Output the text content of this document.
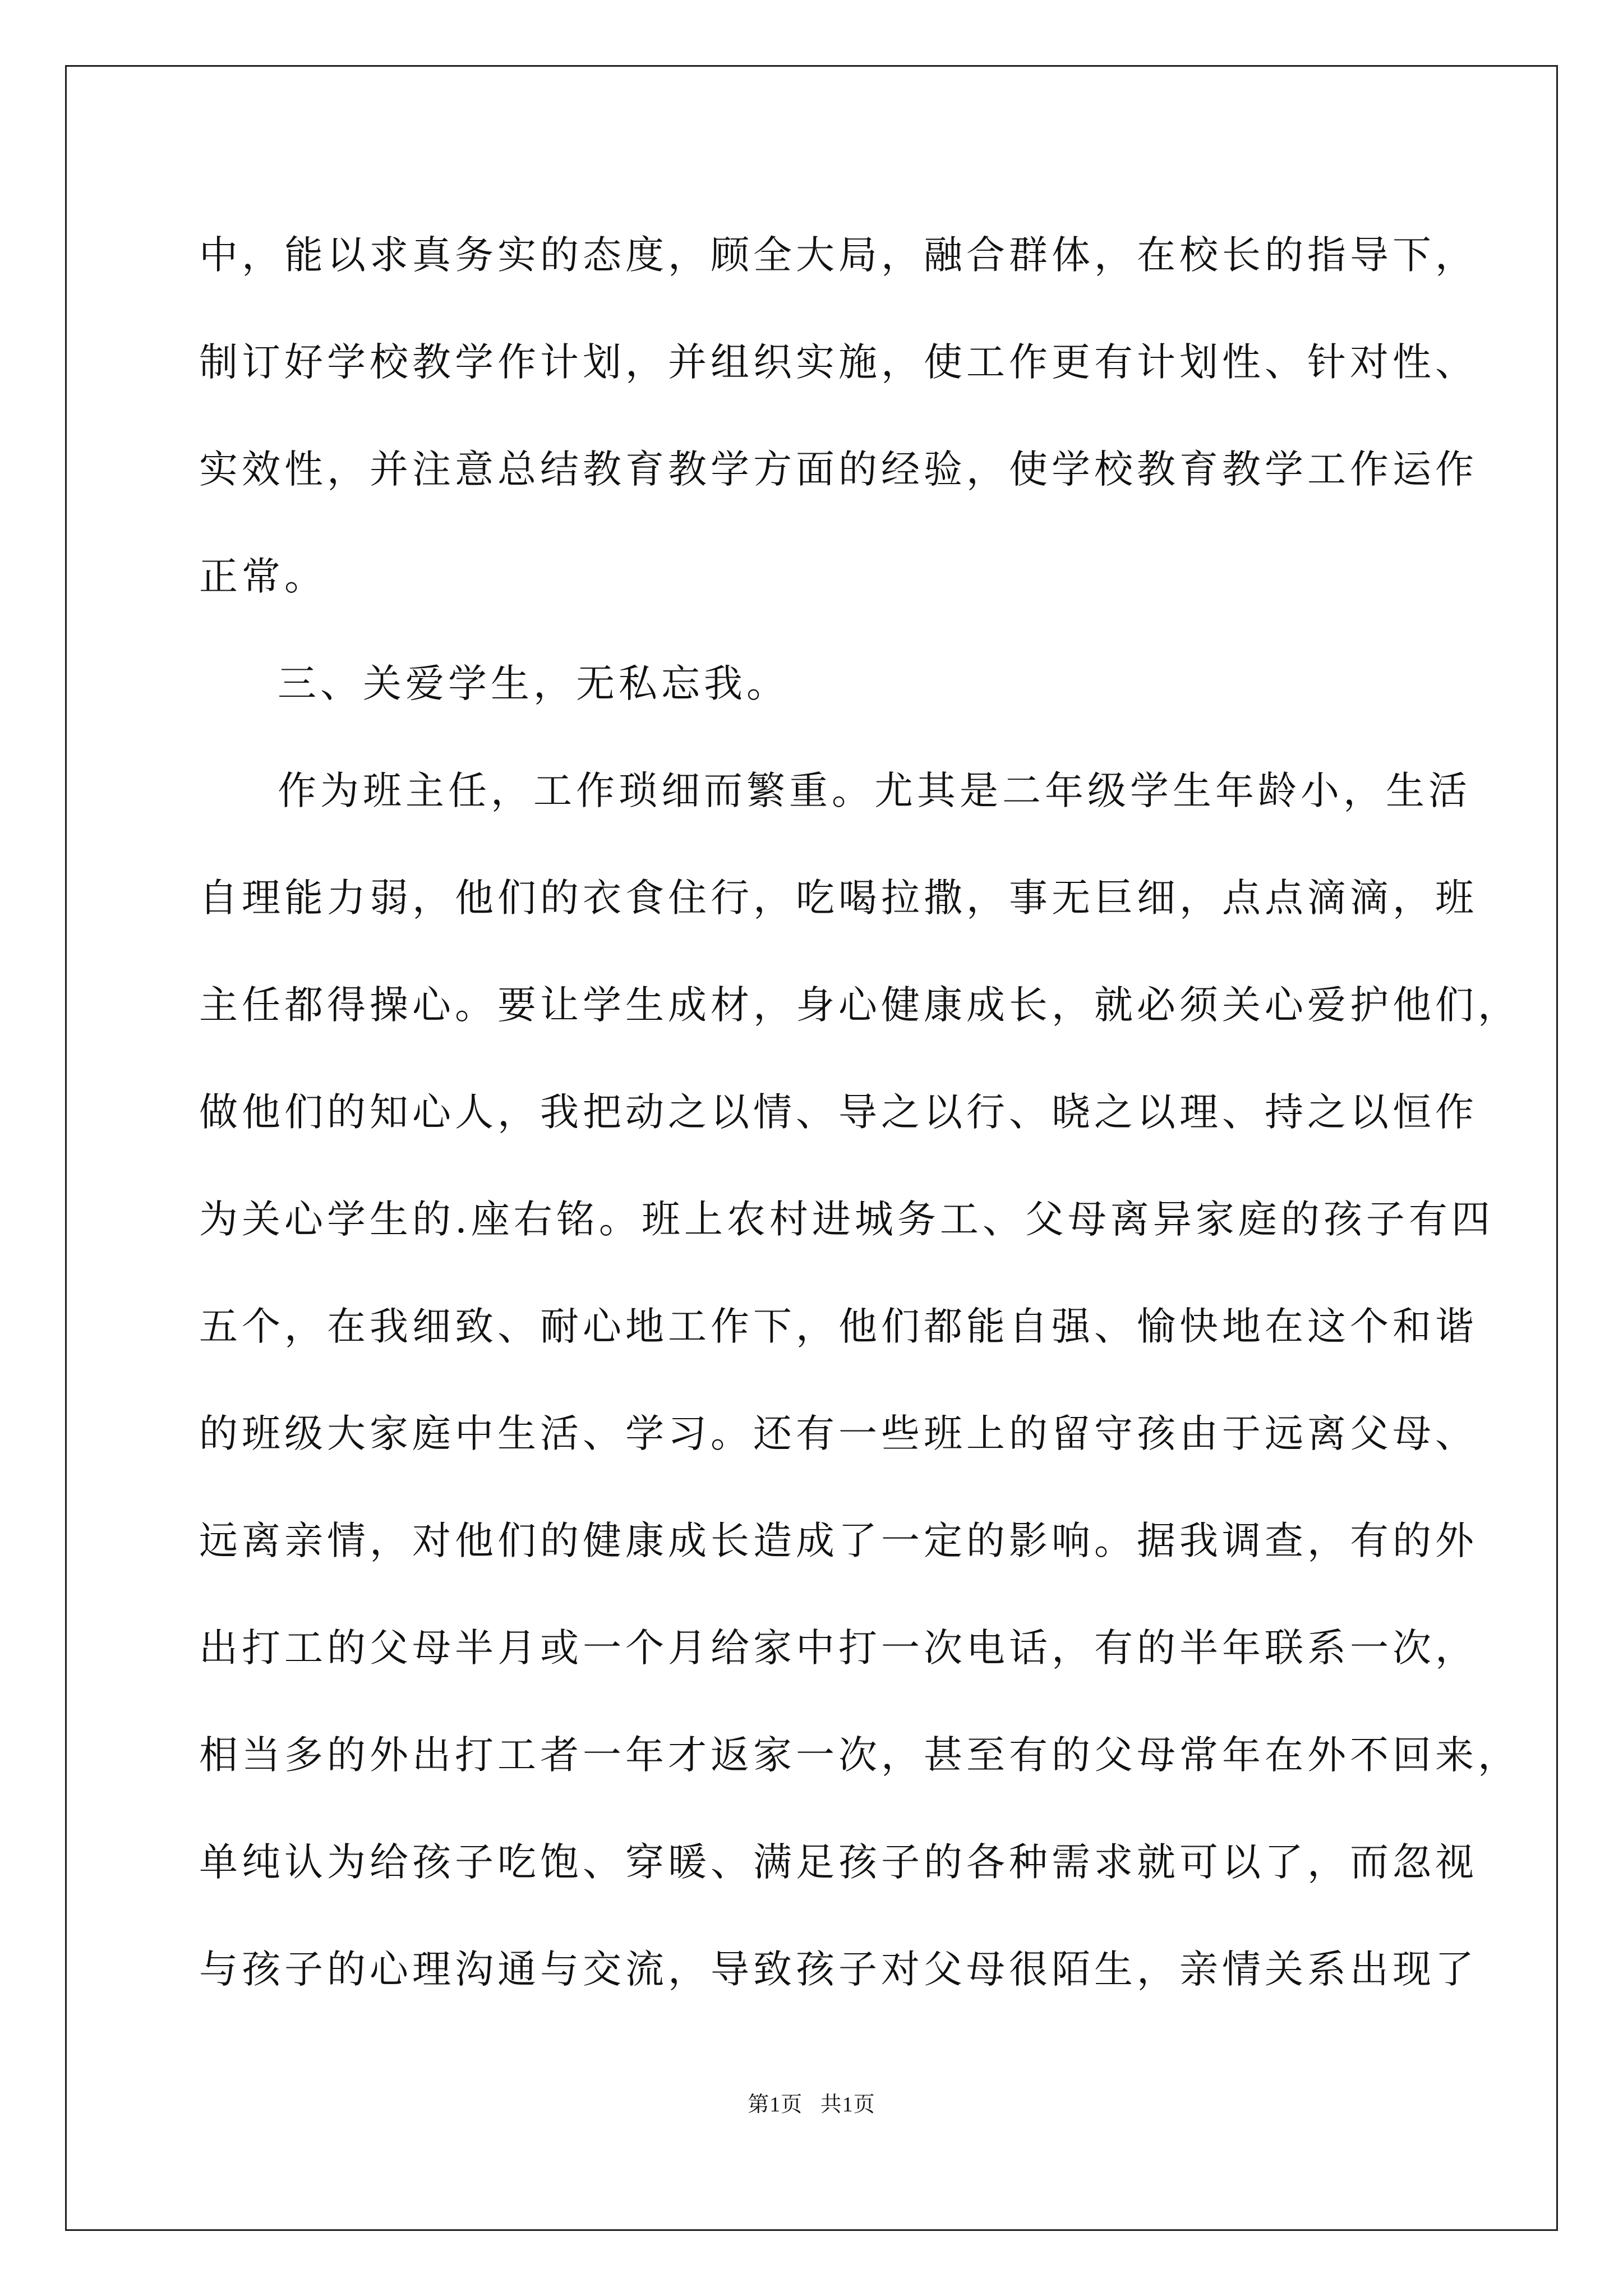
中，能以求真务实的态度，顾全大局，融合群体，在校长的指导下，
制订好学校教学作计划，并组织实施，使工作更有计划性、针对性、
实效性，并注意总结教育教学方面的经验，使学校教育教学工作运作
正常。
三、关爱学生，无私忘我。
作为班主任，工作琐细而繁重。尤其是二年级学生年龄小，生活
自理能力弱，他们的衣食住行，吃喝拉撒，事无巨细，点点滴滴，班
主任都得操心。要让学生成材，身心健康成长，就必须关心爱护他们，
做他们的知心人，我把动之以情、导之以行、晓之以理、持之以恒作
为关心学生的.座右铭。班上农村进城务工、父母离异家庭的孩子有四
五个，在我细致、耐心地工作下，他们都能自强、愉快地在这个和谐
的班级大家庭中生活、学习。还有一些班上的留守孩由于远离父母、
远离亲情，对他们的健康成长造成了一定的影响。据我调查，有的外
出打工的父母半月或一个月给家中打一次电话，有的半年联系一次，
相当多的外出打工者一年才返家一次，甚至有的父母常年在外不回来，
单纯认为给孩子吃饱、穿暖、满足孩子的各种需求就可以了，而忽视
与孩子的心理沟通与交流，导致孩子对父母很陌生，亲情关系出现了
第1页   共1页
